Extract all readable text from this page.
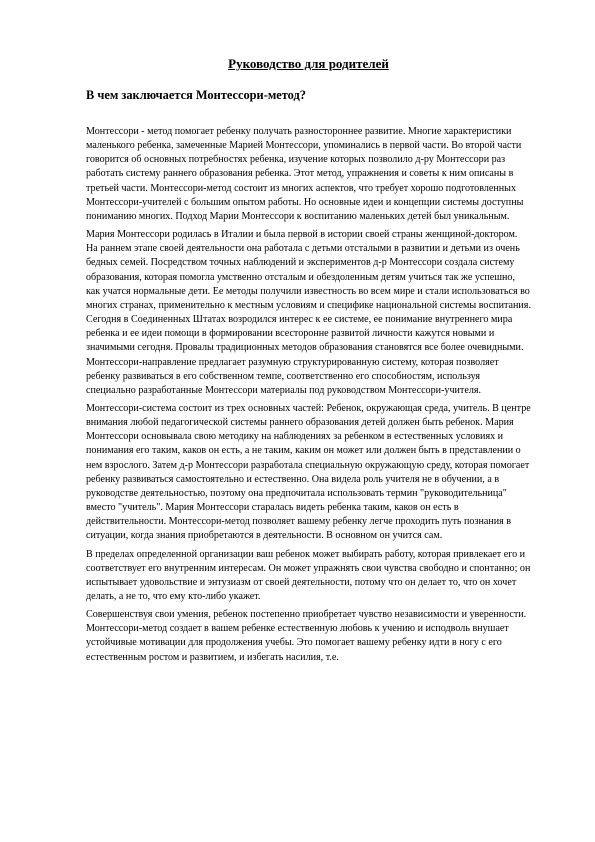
Руководство для родителей
В чем заключается Монтессори-метод?

Монтессори - метод помогает ребенку получать разностороннее развитие. Многие характеристики маленького ребенка, замеченные Марией Монтессори, упоминались в первой части. Во второй части говорится об основных потребностях ребенка, изучение которых позволило д-ру Монтессори раз работать систему раннего образования ребенка. Этот метод, упражнения и советы к ним описаны в третьей части. Монтессори-метод состоит из многих аспектов, что требует хорошо подготовленных Монтессори-учителей с большим опытом работы. Но основные идеи и концепции системы доступны пониманию многих. Подход Марии Монтессори к воспитанию маленьких детей был уникальным.

Мария Монтессори родилась в Италии и была первой в истории своей страны женщиной-доктором. На раннем этапе своей деятельности она работала с детьми отсталыми в развитии и детьми из очень бедных семей. Посредством точных наблюдений и экспериментов д-р Монтессори создала систему образования, которая помогла умственно отсталым и обездоленным детям учиться так же успешно, как учатся нормальные дети. Ее методы получили известность во всем мире и стали использоваться во многих странах, применительно к местным условиям и специфике национальной системы воспитания. Сегодня в Соединенных Штатах возродился интерес к ее системе, ее понимание внутреннего мира ребенка и ее идеи помощи в формировании всесторонне развитой личности кажутся новыми и значимыми сегодня. Провалы традиционных методов образования становятся все более очевидными. Монтессори-направление предлагает разумную структурированную систему, которая позволяет ребенку развиваться в его собственном темпе, соответственно его способностям, используя специально разработанные Монтессори материалы под руководством Монтессори-учителя.

Монтессори-система состоит из трех основных частей: Ребенок, окружающая среда, учитель. В центре внимания любой педагогической системы раннего образования детей должен быть ребенок. Мария Монтессори основывала свою методику на наблюдениях за ребенком в естественных условиях и понимания его таким, каков он есть, а не таким, каким он может или должен быть в представлении о нем взрослого. Затем д-р Монтессори разработала специальную окружающую среду, которая помогает ребенку развиваться самостоятельно и естественно. Она видела роль учителя не в обучении, а в руководстве деятельностью, поэтому она предпочитала использовать термин "руководительница" вместо "учитель". Мария Монтессори старалась видеть ребенка таким, каков он есть в действительности. Монтессори-метод позволяет вашему ребенку легче проходить путь познания в ситуации, когда знания приобретаются в деятельности. В основном он учится сам.

В пределах определенной организации ваш ребенок может выбирать работу, которая привлекает его и соответствует его внутренним интересам. Он может упражнять свои чувства свободно и спонтанно; он испытывает удовольствие и энтузиазм от своей деятельности, потому что он делает то, что он хочет делать, а не то, что ему кто-либо укажет.

Совершенствуя свои умения, ребенок постепенно приобретает чувство независимости и уверенности. Монтессори-метод создает в вашем ребенке естественную любовь к учению и исподволь внушает устойчивые мотивации для продолжения учебы. Это помогает вашему ребенку идти в ногу с его естественным ростом и развитием, и избегать насилия, т.е.
